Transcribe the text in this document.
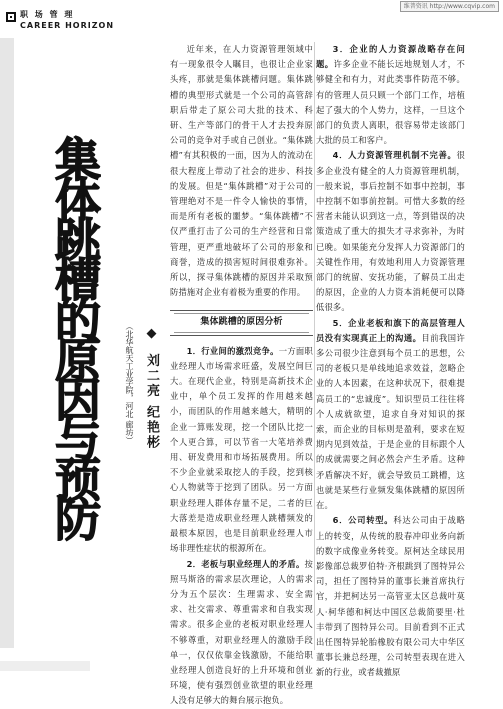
维普资讯 http://www.cqvip.com
职 场 管 理
CAREER HORIZON
集
体
跳
槽
的
原
因
与
预
防
（北华航天工业学院，河北 廊坊） ◆ 刘二亮 纪艳彬

近年来，在人力资源管理领域中有一现象很令人瞩目，也很让企业家头疼，那就是集体跳槽问题。集体跳槽的典型形式就是一个公司的高管辞职后带走了原公司大批的技术、科研、生产等部门的骨干人才去投奔原公司的竞争对手或自己创业。“集体跳槽”有其积极的一面，因为人的流动在很大程度上带动了社会的进步、科技的发展。但是“集体跳槽”对于公司的管理绝对不是一件令人愉快的事情，而是所有老板的噩梦。“集体跳槽”不仅严重打击了公司的生产经营和日常管理，更严重地破坏了公司的形象和商誉，造成的损害短时间很难弥补。所以，探寻集体跳槽的原因并采取预防措施对企业有着极为重要的作用。

集体跳槽的原因分析

1．行业间的激烈竞争。一方面职业经理人市场需求旺盛，发展空间巨大。在现代企业，特别是高新技术企业中，单个员工发挥的作用越来越小，而团队的作用越来越大，精明的企业一算账发现，挖一个团队比挖一个人更合算，可以节省一大笔培养费用、研发费用和市场拓展费用。所以不少企业就采取挖人的手段，挖到核心人物就等于挖到了团队。另一方面职业经理人群体存量不足，二者的巨大落差是造成职业经理人跳槽频发的最根本原因，也是目前职业经理人市场非理性症状的根源所在。

2．老板与职业经理人的矛盾。按照马斯洛的需求层次理论，人的需求分为五个层次：生理需求、安全需求、社交需求、尊重需求和自我实现需求。很多企业的老板对职业经理人不够尊重，对职业经理人的激励手段单一，仅仅依靠金钱激励，不能给职业经理人创造良好的上升环境和创业环境，使有强烈创业欲望的职业经理人没有足够大的舞台展示抱负。

3．企业的人力资源战略存在问题。许多企业不能长远地规划人才，不够健全和有力，对此类事件防范不够。有的管理人员只顾一个部门工作，培植起了强大的个人势力，这样，一旦这个部门的负责人离职，很容易带走该部门大批的员工和客户。

4．人力资源管理机制不完善。很多企业没有健全的人力资源管理机制，一般来说，事后控制不如事中控制，事中控制不如事前控制。可惜大多数的经营者未能认识到这一点，等到错误的决策造成了重大的损失才寻求弥补，为时已晚。如果能充分发挥人力资源部门的关键性作用，有效地利用人力资源管理部门的统留、安抚功能，了解员工出走的原因，企业的人力资本消耗便可以降低很多。

5．企业老板和旗下的高层管理人员没有实现真正上的沟通。目前我国许多公司很少注意到每个员工的思想，公司的老板只是单线地追求效益，忽略企业的人本因素，在这种状况下，很难提高员工的“忠诚度”。知识型员工往往将个人成就欲望，追求自身对知识的探索，而企业的目标则是盈利，要求在短期内见到效益，于是企业的目标跟个人的成就需要之间必然会产生矛盾。这种矛盾解决不好，就会导致员工跳槽，这也就是某些行业频发集体跳槽的原因所在。

6．公司转型。科达公司由于战略上的转变，从传统的股春冲印业务向新的数字成像业务转变。原柯达全球民用影像部总裁罗伯特·齐根跳到了图特异公司，担任了图特异的董事长兼首席执行官，并把柯达另一高管亚太区总裁叶莫人·柯华德和柯达中国区总裁简要里·杜丰带到了图特异公司。目前看到不正式出任图特异轮胎橡胶有限公司大中华区董事长兼总经理，公司转型表现在进入新的行业，或者裁撤原
